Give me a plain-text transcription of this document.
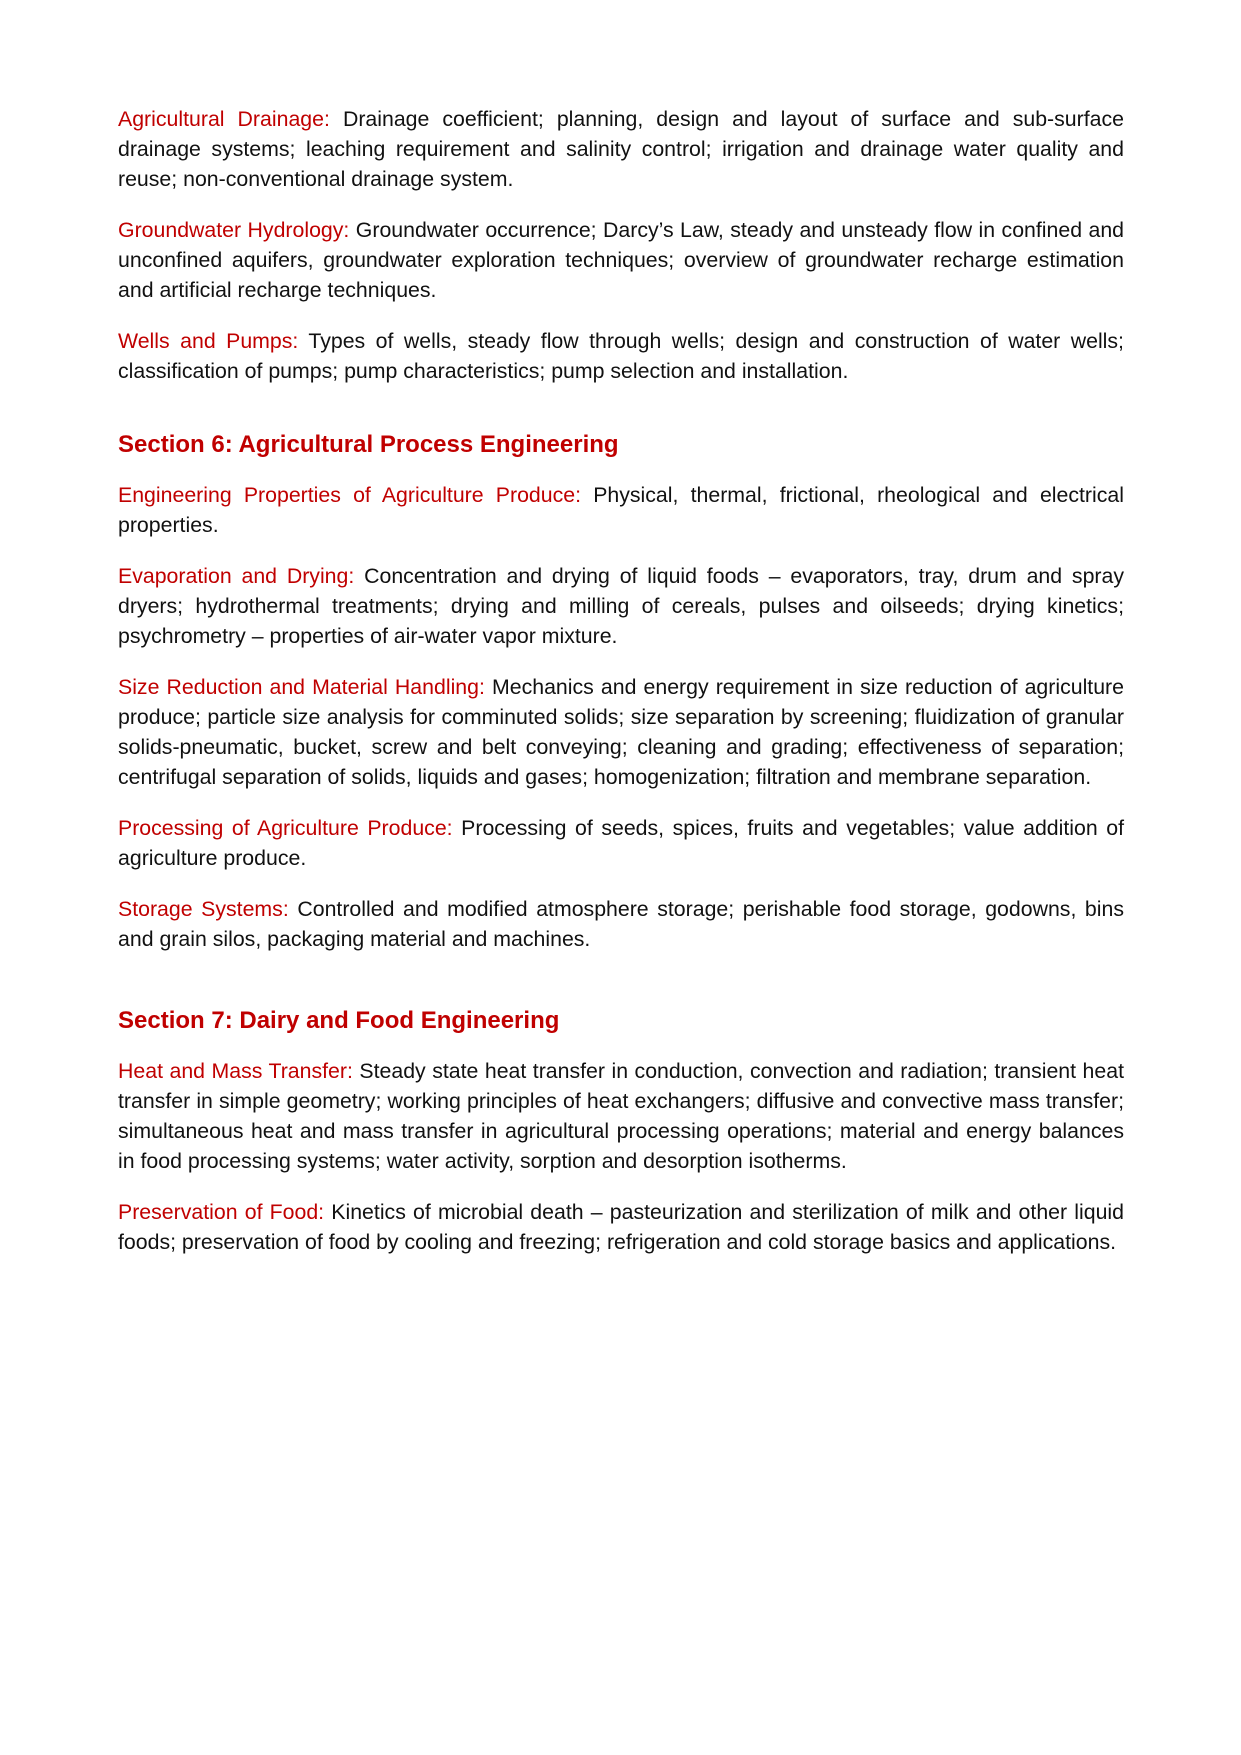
Agricultural Drainage: Drainage coefficient; planning, design and layout of surface and sub-surface drainage systems; leaching requirement and salinity control; irrigation and drainage water quality and reuse; non-conventional drainage system.

Groundwater Hydrology: Groundwater occurrence; Darcy’s Law, steady and unsteady flow in confined and unconfined aquifers, groundwater exploration techniques; overview of groundwater recharge estimation and artificial recharge techniques.

Wells and Pumps: Types of wells, steady flow through wells; design and construction of water wells; classification of pumps; pump characteristics; pump selection and installation.

Section 6: Agricultural Process Engineering

Engineering Properties of Agriculture Produce: Physical, thermal, frictional, rheological and electrical properties.

Evaporation and Drying: Concentration and drying of liquid foods – evaporators, tray, drum and spray dryers; hydrothermal treatments; drying and milling of cereals, pulses and oilseeds; drying kinetics; psychrometry – properties of air-water vapor mixture.

Size Reduction and Material Handling: Mechanics and energy requirement in size reduction of agriculture produce; particle size analysis for comminuted solids; size separation by screening; fluidization of granular solids-pneumatic, bucket, screw and belt conveying; cleaning and grading; effectiveness of separation; centrifugal separation of solids, liquids and gases; homogenization; filtration and membrane separation.

Processing of Agriculture Produce: Processing of seeds, spices, fruits and vegetables; value addition of agriculture produce.

Storage Systems: Controlled and modified atmosphere storage; perishable food storage, godowns, bins and grain silos, packaging material and machines.

Section 7: Dairy and Food Engineering

Heat and Mass Transfer: Steady state heat transfer in conduction, convection and radiation; transient heat transfer in simple geometry; working principles of heat exchangers; diffusive and convective mass transfer; simultaneous heat and mass transfer in agricultural processing operations; material and energy balances in food processing systems; water activity, sorption and desorption isotherms.

Preservation of Food: Kinetics of microbial death – pasteurization and sterilization of milk and other liquid foods; preservation of food by cooling and freezing; refrigeration and cold storage basics and applications.
